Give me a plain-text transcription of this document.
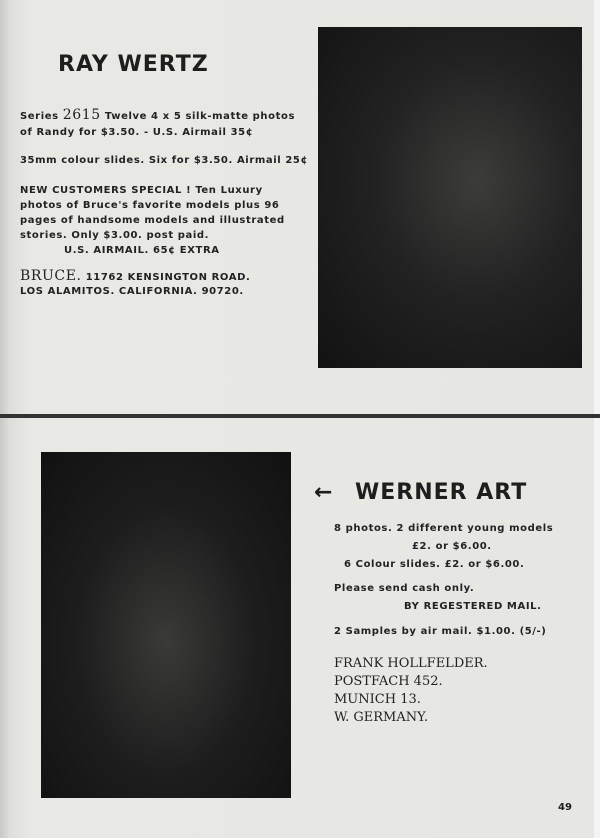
RAY WERTZ
Series 2615 Twelve 4 x 5 silk-matte photos
of Randy for $3.50. - U.S. Airmail 35¢
35mm colour slides. Six for $3.50. Airmail 25¢
NEW CUSTOMERS SPECIAL ! Ten Luxury
photos of Bruce's favorite models plus 96
pages of handsome models and illustrated
stories. Only $3.00. post paid.
U.S. AIRMAIL. 65¢ EXTRA
BRUCE. 11762 KENSINGTON ROAD.
LOS ALAMITOS. CALIFORNIA. 90720.
← WERNER ART
8 photos. 2 different young models
£2. or $6.00.
6 Colour slides. £2. or $6.00.
Please send cash only.
BY REGESTERED MAIL.
2 Samples by air mail. $1.00. (5/-)
FRANK HOLLFELDER.
POSTFACH 452.
MUNICH 13.
W. GERMANY.
49
